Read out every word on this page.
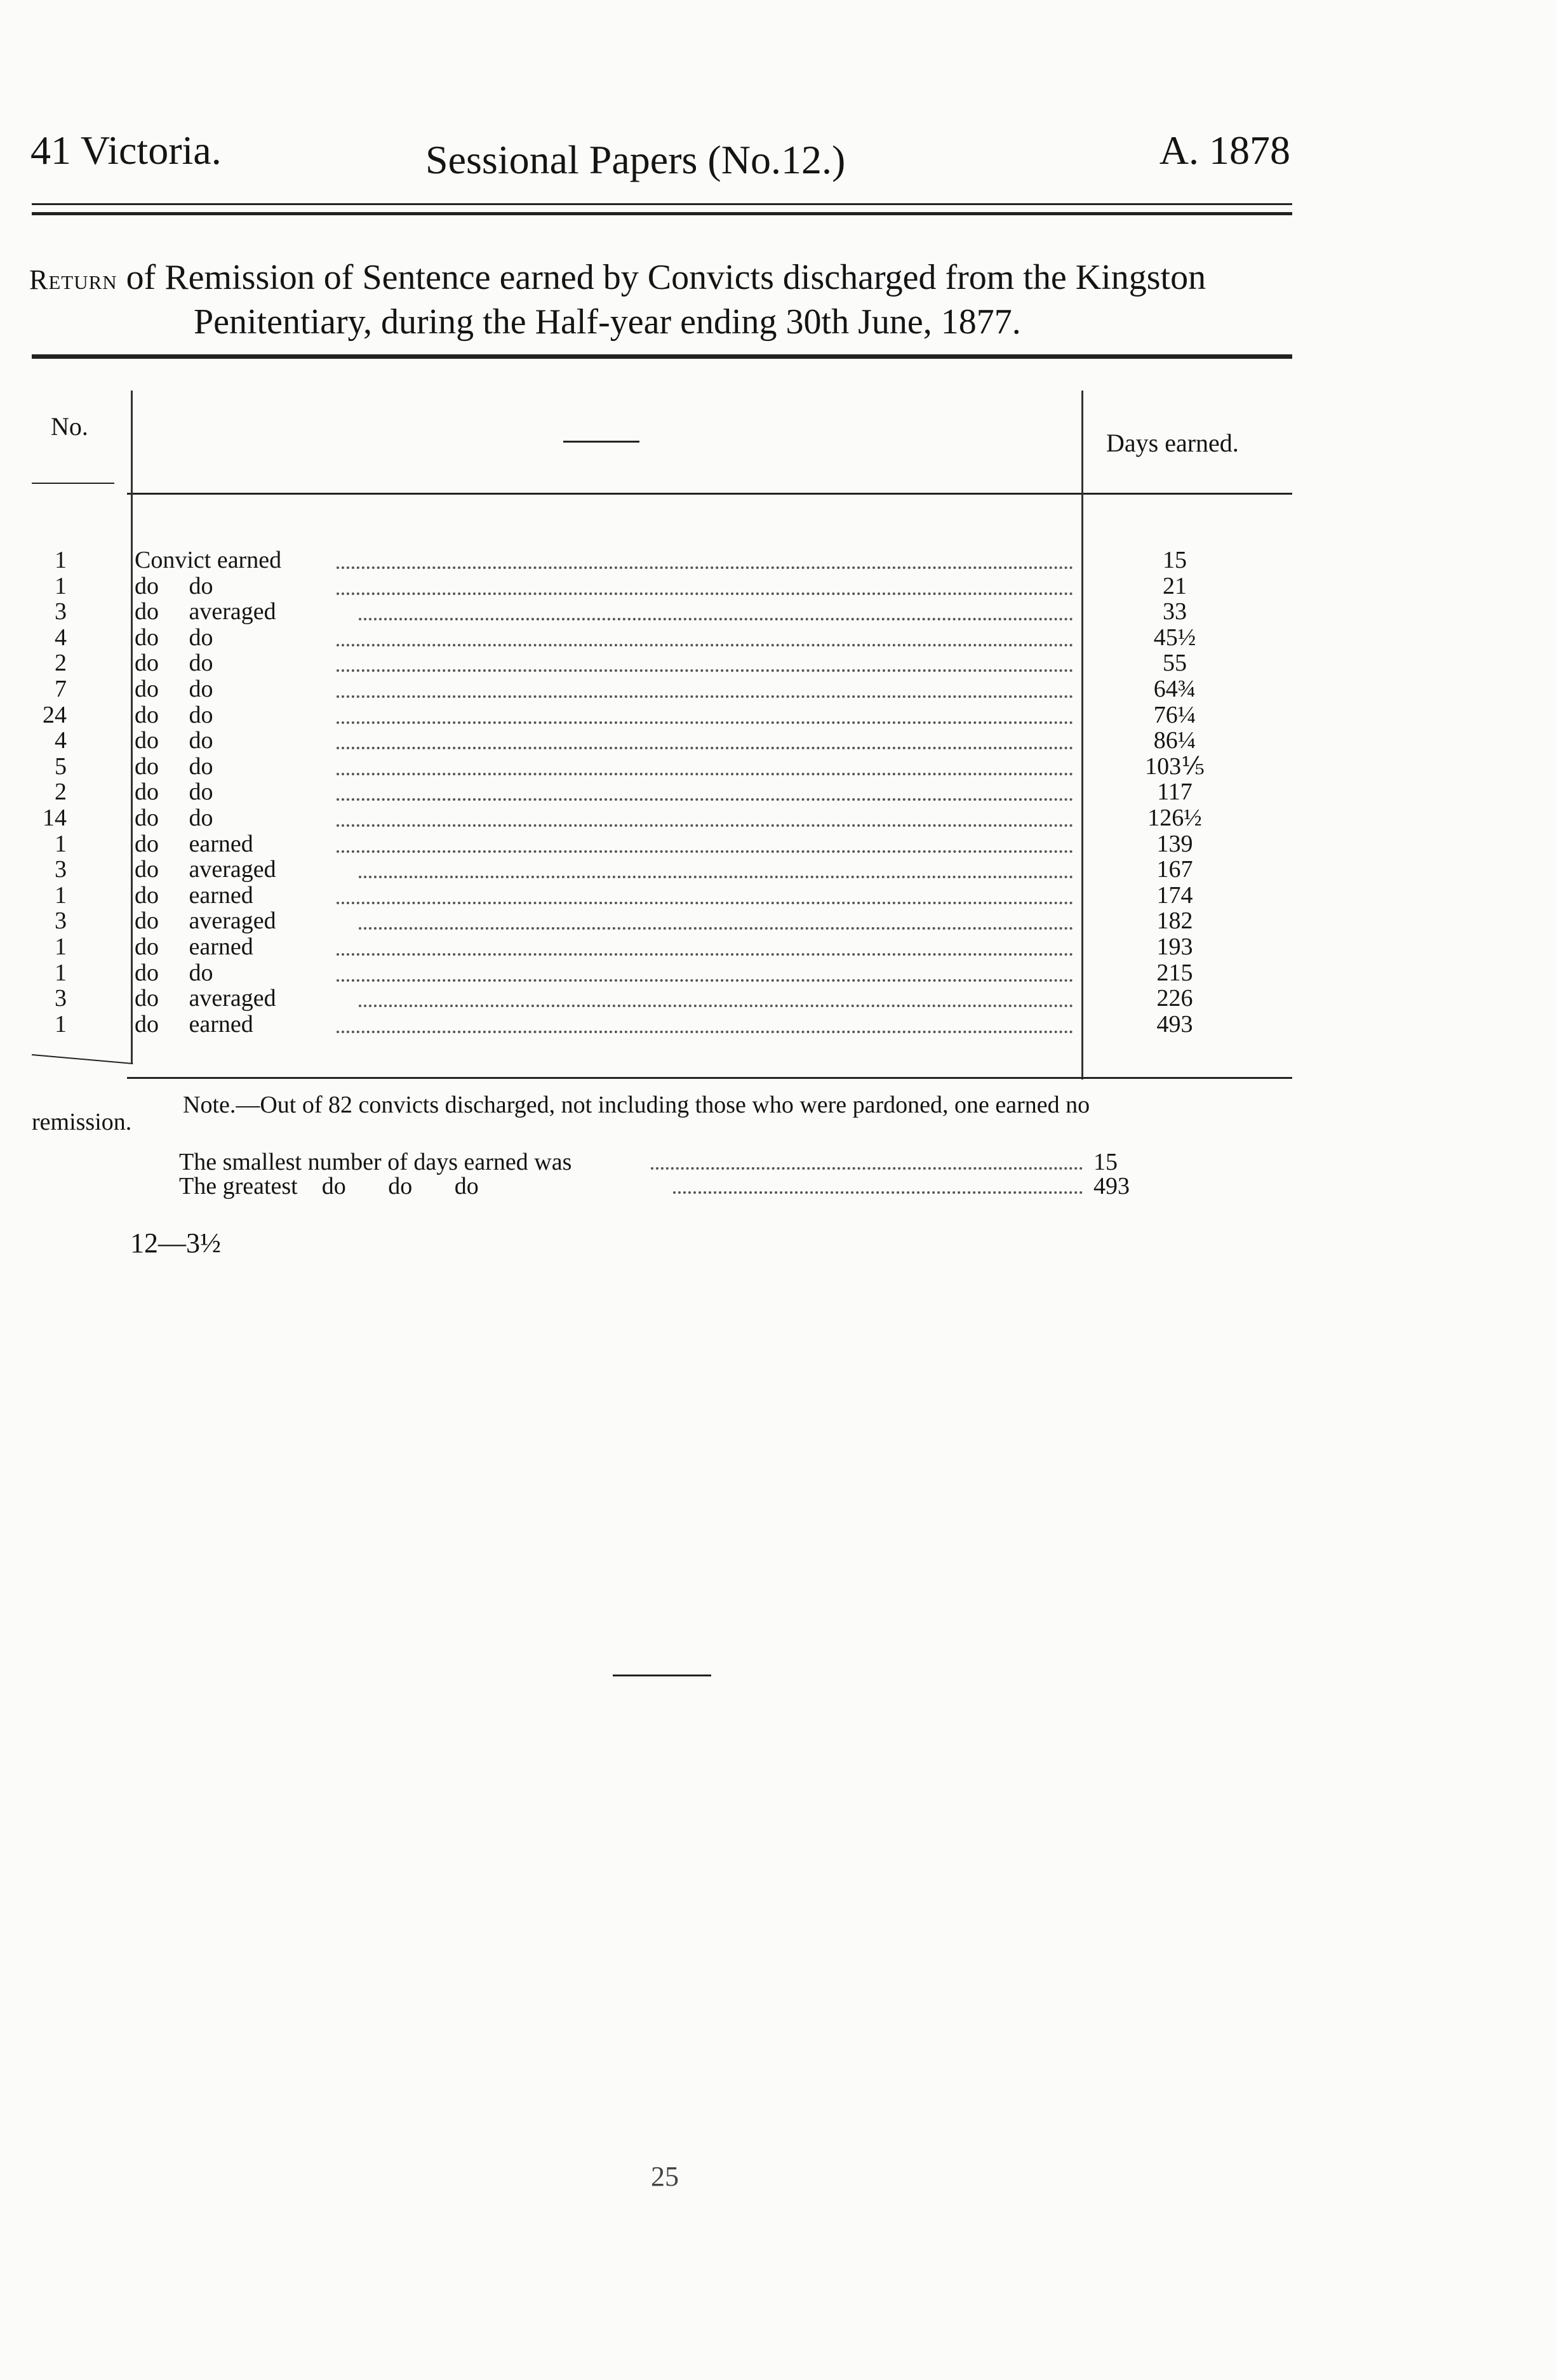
41 Victoria.	Sessional Papers (No.12.)	A. 1878
Return of Remission of Sentence earned by Convicts discharged from the Kingston
Penitentiary, during the Half-year ending 30th June, 1877.
No.
Days earned.
1	Convict earned	15
1	do     do	21
3	do     averaged	33
4	do     do	45½
2	do     do	55
7	do     do	64¾
24	do     do	76¼
4	do     do	86¼
5	do     do	103⅕
2	do     do	117
14	do     do	126½
1	do     earned	139
3	do     averaged	167
1	do     earned	174
3	do     averaged	182
1	do     earned	193
1	do     do	215
3	do     averaged	226
1	do     earned	493
Note.—Out of 82 convicts discharged, not including those who were pardoned, one earned no
remission.
The smallest number of days earned was	15
The greatest    do       do       do	493
12—3½
25
